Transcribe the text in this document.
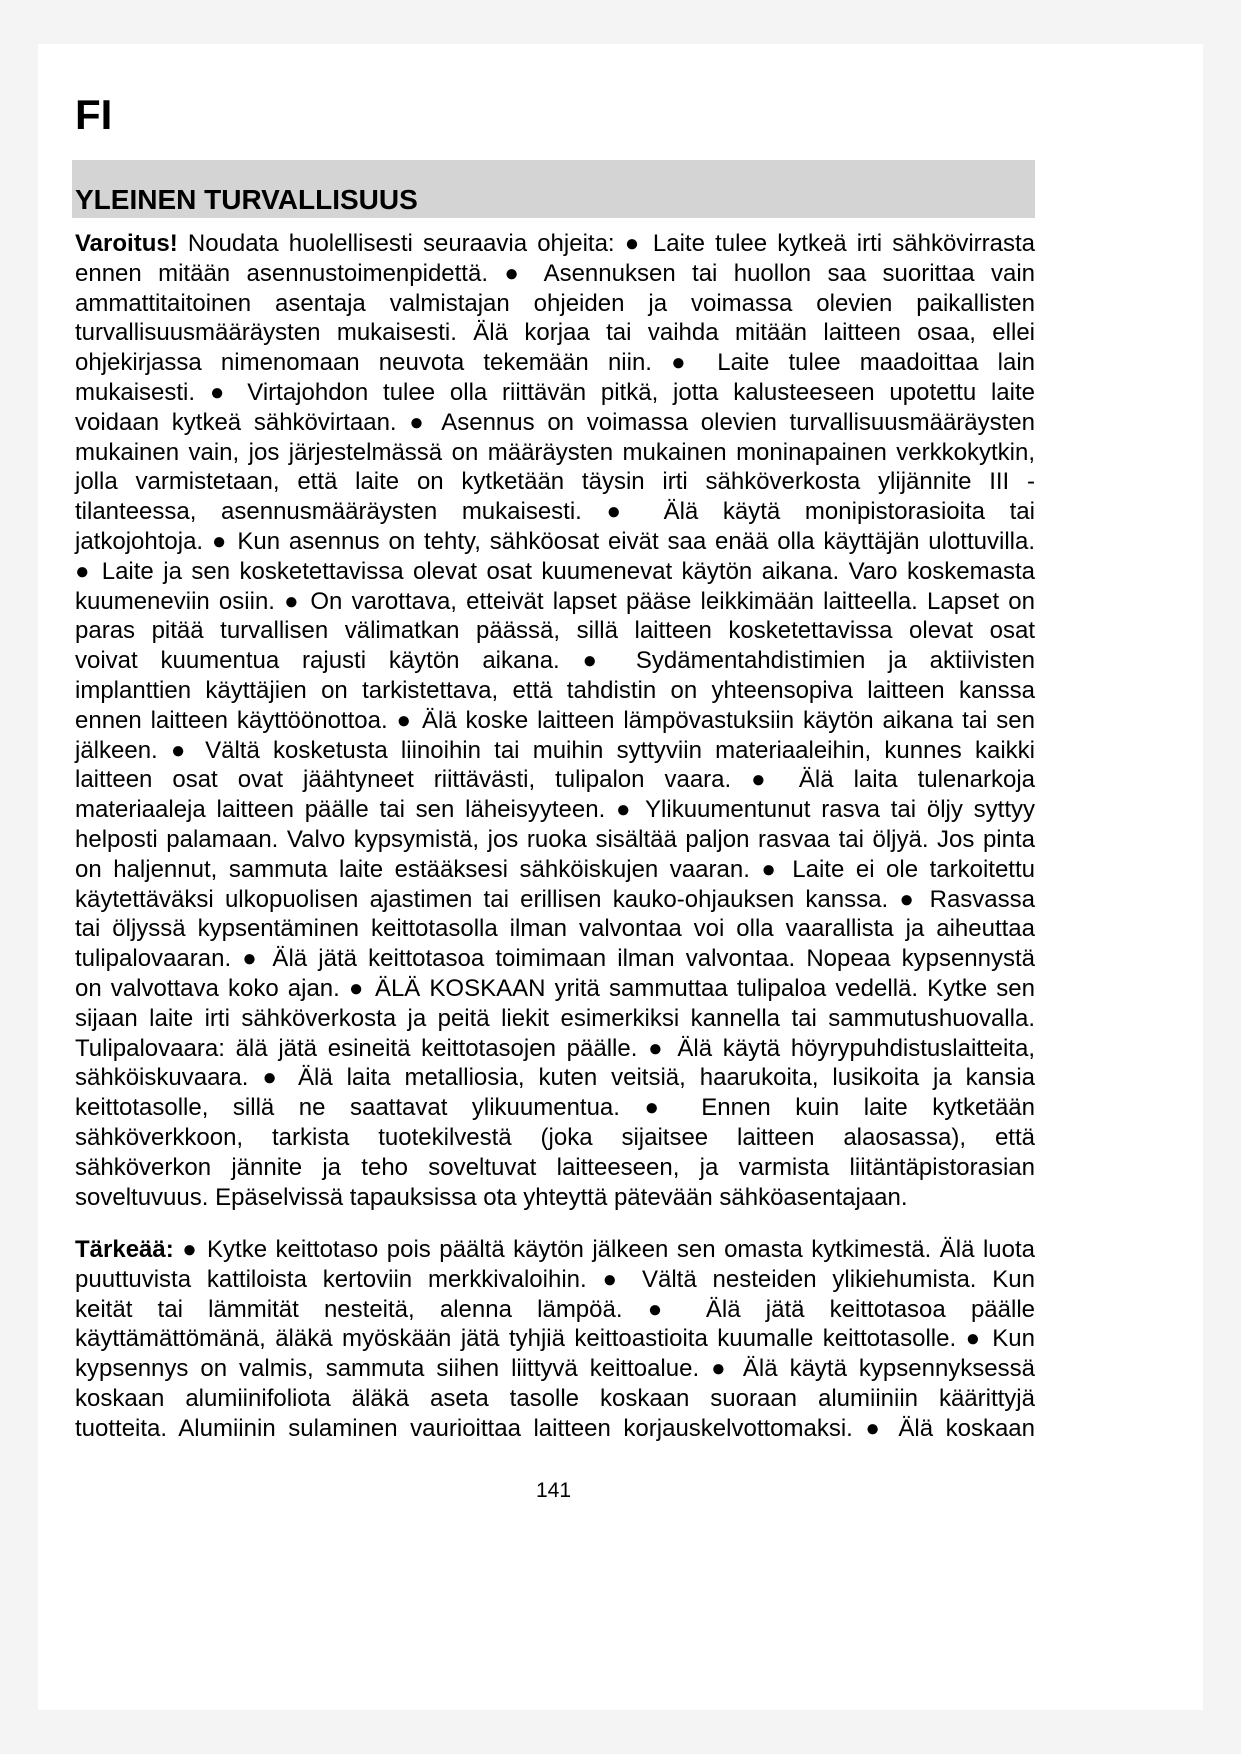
FI
YLEINEN TURVALLISUUS
Varoitus! Noudata huolellisesti seuraavia ohjeita: ● Laite tulee kytkeä irti sähkövirrasta
ennen mitään asennustoimenpidettä. ● Asennuksen tai huollon saa suorittaa vain
ammattitaitoinen asentaja valmistajan ohjeiden ja voimassa olevien paikallisten
turvallisuusmääräysten mukaisesti. Älä korjaa tai vaihda mitään laitteen osaa, ellei
ohjekirjassa nimenomaan neuvota tekemään niin. ● Laite tulee maadoittaa lain
mukaisesti. ● Virtajohdon tulee olla riittävän pitkä, jotta kalusteeseen upotettu laite
voidaan kytkeä sähkövirtaan. ● Asennus on voimassa olevien turvallisuusmääräysten
mukainen vain, jos järjestelmässä on määräysten mukainen moninapainen verkkokytkin,
jolla varmistetaan, että laite on kytketään täysin irti sähköverkosta ylijännite III -
tilanteessa, asennusmääräysten mukaisesti. ● Älä käytä monipistorasioita tai
jatkojohtoja. ● Kun asennus on tehty, sähköosat eivät saa enää olla käyttäjän ulottuvilla.
● Laite ja sen kosketettavissa olevat osat kuumenevat käytön aikana. Varo koskemasta
kuumeneviin osiin. ● On varottava, etteivät lapset pääse leikkimään laitteella. Lapset on
paras pitää turvallisen välimatkan päässä, sillä laitteen kosketettavissa olevat osat
voivat kuumentua rajusti käytön aikana. ● Sydämentahdistimien ja aktiivisten
implanttien käyttäjien on tarkistettava, että tahdistin on yhteensopiva laitteen kanssa
ennen laitteen käyttöönottoa. ● Älä koske laitteen lämpövastuksiin käytön aikana tai sen
jälkeen. ● Vältä kosketusta liinoihin tai muihin syttyviin materiaaleihin, kunnes kaikki
laitteen osat ovat jäähtyneet riittävästi, tulipalon vaara. ● Älä laita tulenarkoja
materiaaleja laitteen päälle tai sen läheisyyteen. ● Ylikuumentunut rasva tai öljy syttyy
helposti palamaan. Valvo kypsymistä, jos ruoka sisältää paljon rasvaa tai öljyä. Jos pinta
on haljennut, sammuta laite estääksesi sähköiskujen vaaran. ● Laite ei ole tarkoitettu
käytettäväksi ulkopuolisen ajastimen tai erillisen kauko-ohjauksen kanssa. ● Rasvassa
tai öljyssä kypsentäminen keittotasolla ilman valvontaa voi olla vaarallista ja aiheuttaa
tulipalovaaran. ● Älä jätä keittotasoa toimimaan ilman valvontaa. Nopeaa kypsennystä
on valvottava koko ajan. ● ÄLÄ KOSKAAN yritä sammuttaa tulipaloa vedellä. Kytke sen
sijaan laite irti sähköverkosta ja peitä liekit esimerkiksi kannella tai sammutushuovalla.
Tulipalovaara: älä jätä esineitä keittotasojen päälle. ● Älä käytä höyrypuhdistuslaitteita,
sähköiskuvaara. ● Älä laita metalliosia, kuten veitsiä, haarukoita, lusikoita ja kansia
keittotasolle, sillä ne saattavat ylikuumentua. ● Ennen kuin laite kytketään
sähköverkkoon, tarkista tuotekilvestä (joka sijaitsee laitteen alaosassa), että
sähköverkon jännite ja teho soveltuvat laitteeseen, ja varmista liitäntäpistorasian
soveltuvuus. Epäselvissä tapauksissa ota yhteyttä pätevään sähköasentajaan.
Tärkeää: ● Kytke keittotaso pois päältä käytön jälkeen sen omasta kytkimestä. Älä luota
puuttuvista kattiloista kertoviin merkkivaloihin. ● Vältä nesteiden ylikiehumista. Kun
keität tai lämmität nesteitä, alenna lämpöä. ● Älä jätä keittotasoa päälle
käyttämättömänä, äläkä myöskään jätä tyhjiä keittoastioita kuumalle keittotasolle. ● Kun
kypsennys on valmis, sammuta siihen liittyvä keittoalue. ● Älä käytä kypsennyksessä
koskaan alumiinifoliota äläkä aseta tasolle koskaan suoraan alumiiniin käärittyjä
tuotteita. Alumiinin sulaminen vaurioittaa laitteen korjauskelvottomaksi. ● Älä koskaan
141
